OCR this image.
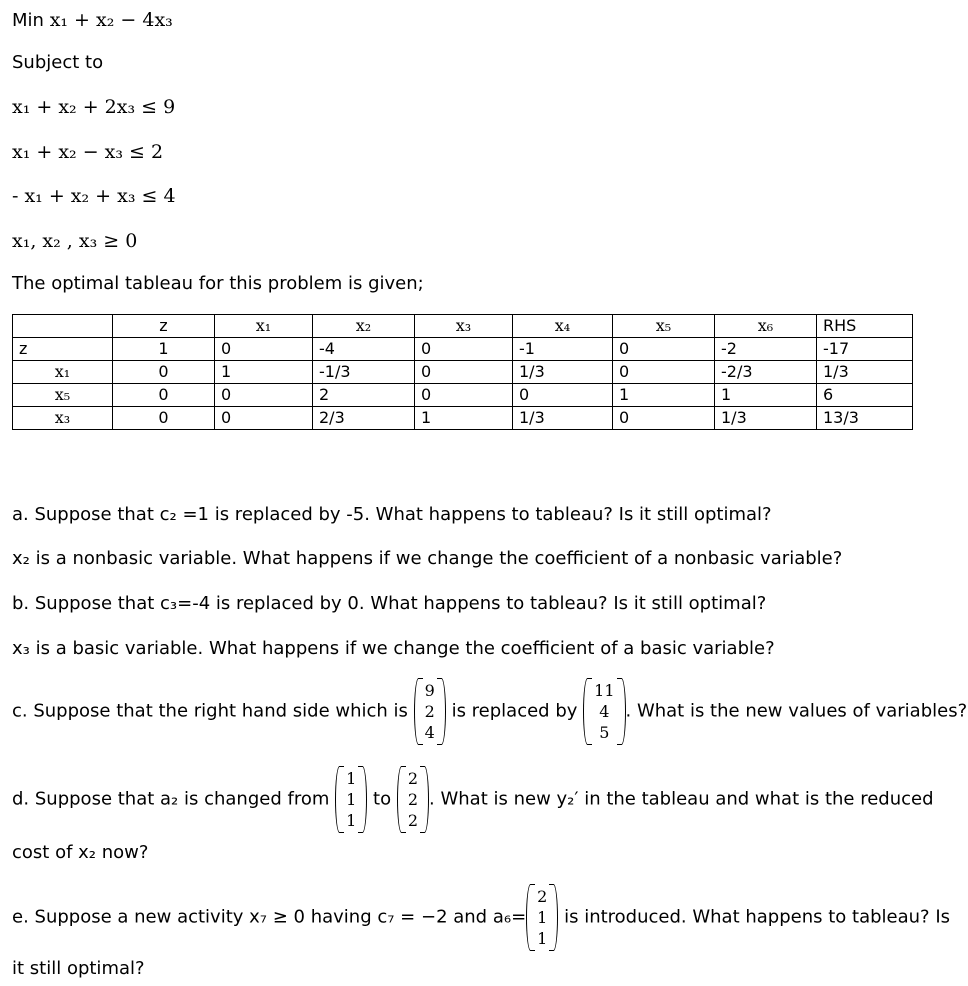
Min x₁ + x₂ − 4x₃
Subject to
x₁ + x₂ + 2x₃ ≤ 9
x₁ + x₂ − x₃ ≤ 2
- x₁ + x₂ + x₃ ≤ 4
x₁, x₂ , x₃ ≥ 0
The optimal tableau for this problem is given;
	z	x₁	x₂	x₃	x₄	x₅	x₆	RHS
z	1	0	-4	0	-1	0	-2	-17
x₁	0	1	-1/3	0	1/3	0	-2/3	1/3
x₅	0	0	2	0	0	1	1	6
x₃	0	0	2/3	1	1/3	0	1/3	13/3
a. Suppose that c₂ =1 is replaced by -5. What happens to tableau? Is it still optimal?
x₂ is a nonbasic variable. What happens if we change the coefficient of a nonbasic variable?
b. Suppose that c₃=-4 is replaced by 0. What happens to tableau? Is it still optimal?
x₃ is a basic variable. What happens if we change the coefficient of a basic variable?
c. Suppose that the right hand side which is
9
2
4
is replaced by
11
4
5
. What is the new values of variables?
d. Suppose that a₂ is changed from
1
1
1
to
2
2
2
. What is new y₂′ in the tableau and what is the reduced
cost of x₂ now?
e. Suppose a new activity x₇ ≥ 0 having c₇ = −2 and a₆=
2
1
1
is introduced. What happens to tableau? Is
it still optimal?
